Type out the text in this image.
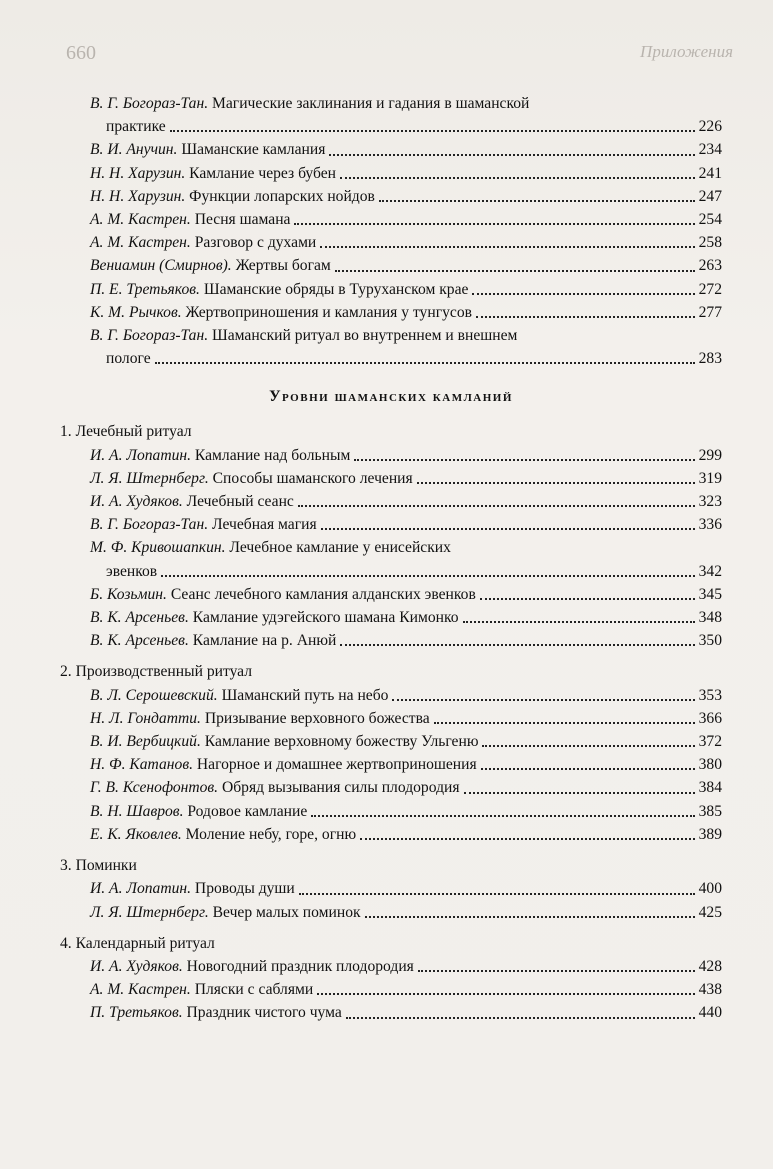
660	Приложения
В. Г. Богораз-Тан. Магические заклинания и гадания в шаманской
практике	226
В. И. Анучин. Шаманские камлания	234
Н. Н. Харузин. Камлание через бубен	241
Н. Н. Харузин. Функции лопарских нойдов	247
А. М. Кастрен. Песня шамана	254
А. М. Кастрен. Разговор с духами	258
Вениамин (Смирнов). Жертвы богам	263
П. Е. Третьяков. Шаманские обряды в Туруханском крае	272
К. М. Рычков. Жертвоприношения и камлания у тунгусов	277
В. Г. Богораз-Тан. Шаманский ритуал во внутреннем и внешнем
пологе	283
Уровни шаманских камланий
1. Лечебный ритуал
И. А. Лопатин. Камлание над больным	299
Л. Я. Штернберг. Способы шаманского лечения	319
И. А. Худяков. Лечебный сеанс	323
В. Г. Богораз-Тан. Лечебная магия	336
М. Ф. Кривошапкин. Лечебное камлание у енисейских
эвенков	342
Б. Козьмин. Сеанс лечебного камлания алданских эвенков	345
В. К. Арсеньев. Камлание удэгейского шамана Кимонко	348
В. К. Арсеньев. Камлание на р. Анюй	350
2. Производственный ритуал
В. Л. Серошевский. Шаманский путь на небо	353
Н. Л. Гондатти. Призывание верховного божества	366
В. И. Вербицкий. Камлание верховному божеству Ульгеню	372
Н. Ф. Катанов. Нагорное и домашнее жертвоприношения	380
Г. В. Ксенофонтов. Обряд вызывания силы плодородия	384
В. Н. Шавров. Родовое камлание	385
Е. К. Яковлев. Моление небу, горе, огню	389
3. Поминки
И. А. Лопатин. Проводы души	400
Л. Я. Штернберг. Вечер малых поминок	425
4. Календарный ритуал
И. А. Худяков. Новогодний праздник плодородия	428
А. М. Кастрен. Пляски с саблями	438
П. Третьяков. Праздник чистого чума	440
